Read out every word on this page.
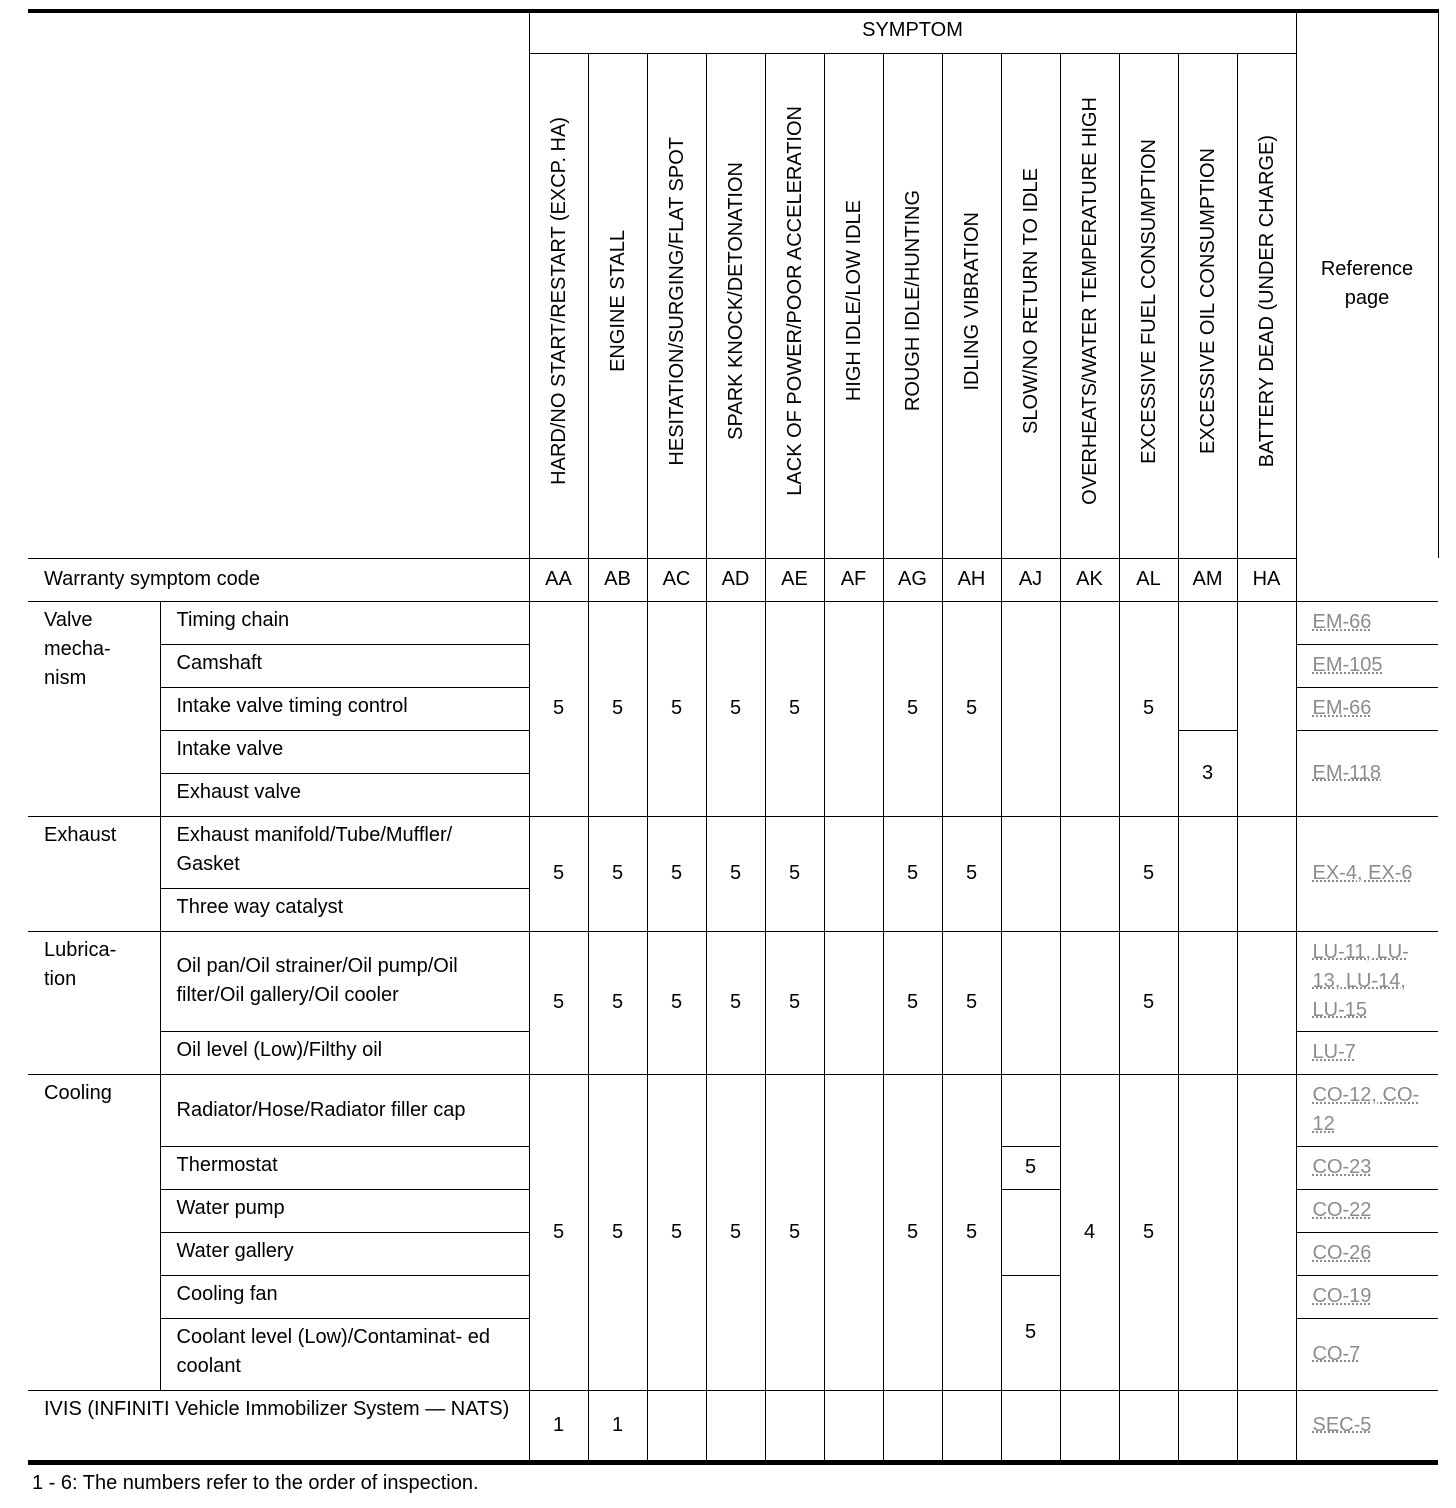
		SYMPTOM													Reference page
		HARD/NO START/RESTART (EXCP. HA)	ENGINE STALL	HESITATION/SURGING/FLAT SPOT	SPARK KNOCK/DETONATION	LACK OF POWER/POOR ACCELERATION	HIGH IDLE/LOW IDLE	ROUGH IDLE/HUNTING	IDLING VIBRATION	SLOW/NO RETURN TO IDLE	OVERHEATS/WATER TEMPERATURE HIGH	EXCESSIVE FUEL CONSUMPTION	EXCESSIVE OIL CONSUMPTION	BATTERY DEAD (UNDER CHARGE)	
Warranty symptom code		AA	AB	AC	AD	AE	AF	AG	AH	AJ	AK	AL	AM	HA	
Valve mecha- nism	Timing chain	5	5	5	5	5		5	5			5			EM-66
	Camshaft														EM-105
	Intake valve timing control														EM-66
	Intake valve												3		EM-118
	Exhaust valve														
Exhaust	Exhaust manifold/Tube/Muffler/ Gasket	5	5	5	5	5		5	5			5			EX-4, EX-6
	Three way catalyst														
Lubrica- tion	Oil pan/Oil strainer/Oil pump/Oil filter/Oil gallery/Oil cooler	5	5	5	5	5		5	5			5			LU-11, LU- 13, LU-14, LU-15
	Oil level (Low)/Filthy oil														LU-7
Cooling	Radiator/Hose/Radiator filler cap	5	5	5	5	5		5	5		4	5			CO-12, CO-12
	Thermostat									5					CO-23
	Water pump														CO-22
	Water gallery														CO-26
	Cooling fan									5					CO-19
	Coolant level (Low)/Contaminat- ed coolant														CO-7
IVIS (INFINITI Vehicle Immobilizer System — NATS)		1	1												SEC-5
1 - 6: The numbers refer to the order of inspection.
